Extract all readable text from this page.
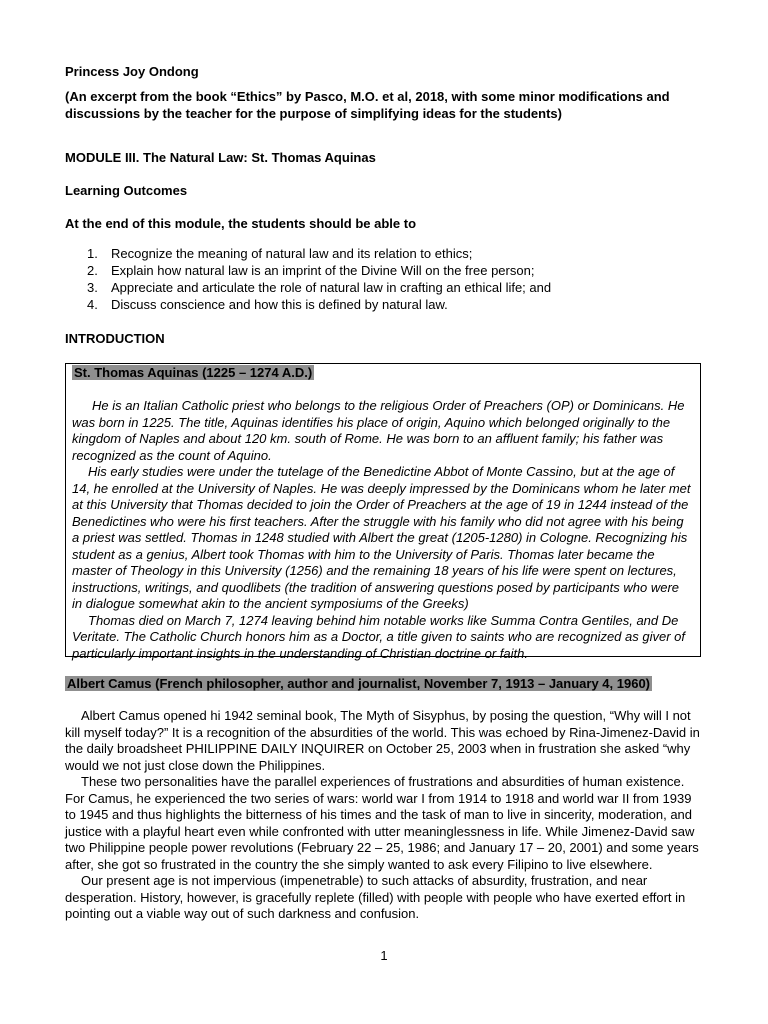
Princess Joy Ondong
(An excerpt from the book “Ethics” by Pasco, M.O. et al, 2018, with some minor modifications and discussions by the teacher for the purpose of simplifying ideas for the students)
MODULE III. The Natural Law: St. Thomas Aquinas
Learning Outcomes
At the end of this module, the students should be able to
1. Recognize the meaning of natural law and its relation to ethics;
2. Explain how natural law is an imprint of the Divine Will on the free person;
3. Appreciate and articulate the role of natural law in crafting an ethical life; and
4. Discuss conscience and how this is defined by natural law.
INTRODUCTION
St. Thomas Aquinas (1225 – 1274 A.D.)

He is an Italian Catholic priest who belongs to the religious Order of Preachers (OP) or Dominicans. He was born in 1225. The title, Aquinas identifies his place of origin, Aquino which belonged originally to the kingdom of Naples and about 120 km. south of Rome. He was born to an affluent family; his father was recognized as the count of Aquino.

His early studies were under the tutelage of the Benedictine Abbot of Monte Cassino, but at the age of 14, he enrolled at the University of Naples. He was deeply impressed by the Dominicans whom he later met at this University that Thomas decided to join the Order of Preachers at the age of 19 in 1244 instead of the Benedictines who were his first teachers. After the struggle with his family who did not agree with his being a priest was settled. Thomas in 1248 studied with Albert the great (1205-1280) in Cologne. Recognizing his student as a genius, Albert took Thomas with him to the University of Paris. Thomas later became the master of Theology in this University (1256) and the remaining 18 years of his life were spent on lectures, instructions, writings, and quodlibets (the tradition of answering questions posed by participants who were in dialogue somewhat akin to the ancient symposiums of the Greeks)

Thomas died on March 7, 1274 leaving behind him notable works like Summa Contra Gentiles, and De Veritate. The Catholic Church honors him as a Doctor, a title given to saints who are recognized as giver of particularly important insights in the understanding of Christian doctrine or faith.

Albert Camus (French philosopher, author and journalist, November 7, 1913 – January 4, 1960)

Albert Camus opened hi 1942 seminal book, The Myth of Sisyphus, by posing the question, “Why will I not kill myself today?” It is a recognition of the absurdities of the world. This was echoed by Rina-Jimenez-David in the daily broadsheet PHILIPPINE DAILY INQUIRER on October 25, 2003 when in frustration she asked “why would we not just close down the Philippines.

These two personalities have the parallel experiences of frustrations and absurdities of human existence. For Camus, he experienced the two series of wars: world war I from 1914 to 1918 and world war II from 1939 to 1945 and thus highlights the bitterness of his times and the task of man to live in sincerity, moderation, and justice with a playful heart even while confronted with utter meaninglessness in life. While Jimenez-David saw two Philippine people power revolutions (February 22 – 25, 1986; and January 17 – 20, 2001) and some years after, she got so frustrated in the country the she simply wanted to ask every Filipino to live elsewhere.

Our present age is not impervious (impenetrable) to such attacks of absurdity, frustration, and near desperation. History, however, is gracefully replete (filled) with people with people who have exerted effort in pointing out a viable way out of such darkness and confusion.

1
